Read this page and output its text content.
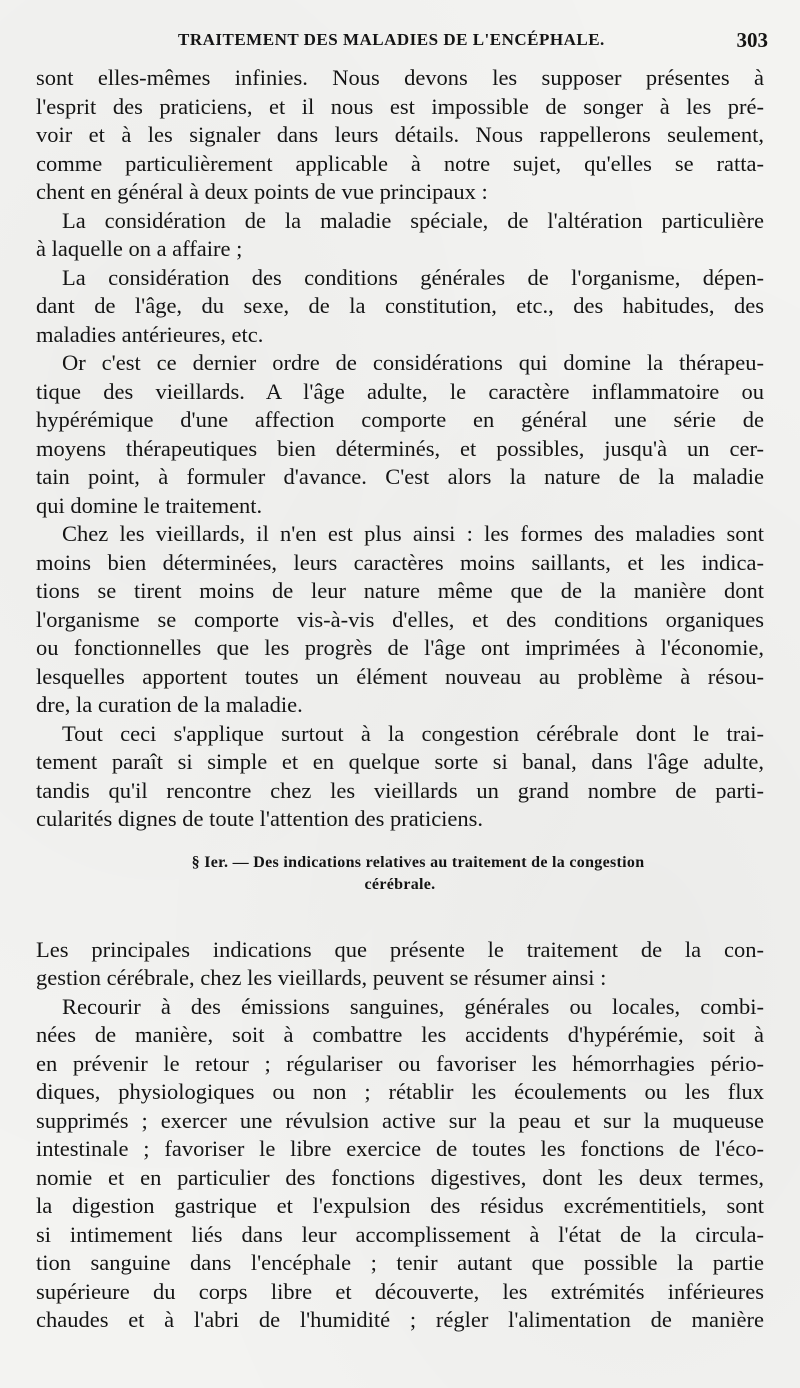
TRAITEMENT DES MALADIES DE L'ENCÉPHALE.	303
sont elles-mêmes infinies. Nous devons les supposer présentes à
l'esprit des praticiens, et il nous est impossible de songer à les pré-
voir et à les signaler dans leurs détails. Nous rappellerons seulement,
comme particulièrement applicable à notre sujet, qu'elles se ratta-
chent en général à deux points de vue principaux :
La considération de la maladie spéciale, de l'altération particulière
à laquelle on a affaire ;
La considération des conditions générales de l'organisme, dépen-
dant de l'âge, du sexe, de la constitution, etc., des habitudes, des
maladies antérieures, etc.
Or c'est ce dernier ordre de considérations qui domine la thérapeu-
tique des vieillards. A l'âge adulte, le caractère inflammatoire ou
hypérémique d'une affection comporte en général une série de
moyens thérapeutiques bien déterminés, et possibles, jusqu'à un cer-
tain point, à formuler d'avance. C'est alors la nature de la maladie
qui domine le traitement.
Chez les vieillards, il n'en est plus ainsi : les formes des maladies sont
moins bien déterminées, leurs caractères moins saillants, et les indica-
tions se tirent moins de leur nature même que de la manière dont
l'organisme se comporte vis-à-vis d'elles, et des conditions organiques
ou fonctionnelles que les progrès de l'âge ont imprimées à l'économie,
lesquelles apportent toutes un élément nouveau au problème à résou-
dre, la curation de la maladie.
Tout ceci s'applique surtout à la congestion cérébrale dont le trai-
tement paraît si simple et en quelque sorte si banal, dans l'âge adulte,
tandis qu'il rencontre chez les vieillards un grand nombre de parti-
cularités dignes de toute l'attention des praticiens.
§ Ier. — Des indications relatives au traitement de la congestion
cérébrale.
Les principales indications que présente le traitement de la con-
gestion cérébrale, chez les vieillards, peuvent se résumer ainsi :
Recourir à des émissions sanguines, générales ou locales, combi-
nées de manière, soit à combattre les accidents d'hypérémie, soit à
en prévenir le retour ; régulariser ou favoriser les hémorrhagies pério-
diques, physiologiques ou non ; rétablir les écoulements ou les flux
supprimés ; exercer une révulsion active sur la peau et sur la muqueuse
intestinale ; favoriser le libre exercice de toutes les fonctions de l'éco-
nomie et en particulier des fonctions digestives, dont les deux termes,
la digestion gastrique et l'expulsion des résidus excrémentitiels, sont
si intimement liés dans leur accomplissement à l'état de la circula-
tion sanguine dans l'encéphale ; tenir autant que possible la partie
supérieure du corps libre et découverte, les extrémités inférieures
chaudes et à l'abri de l'humidité ; régler l'alimentation de manière
